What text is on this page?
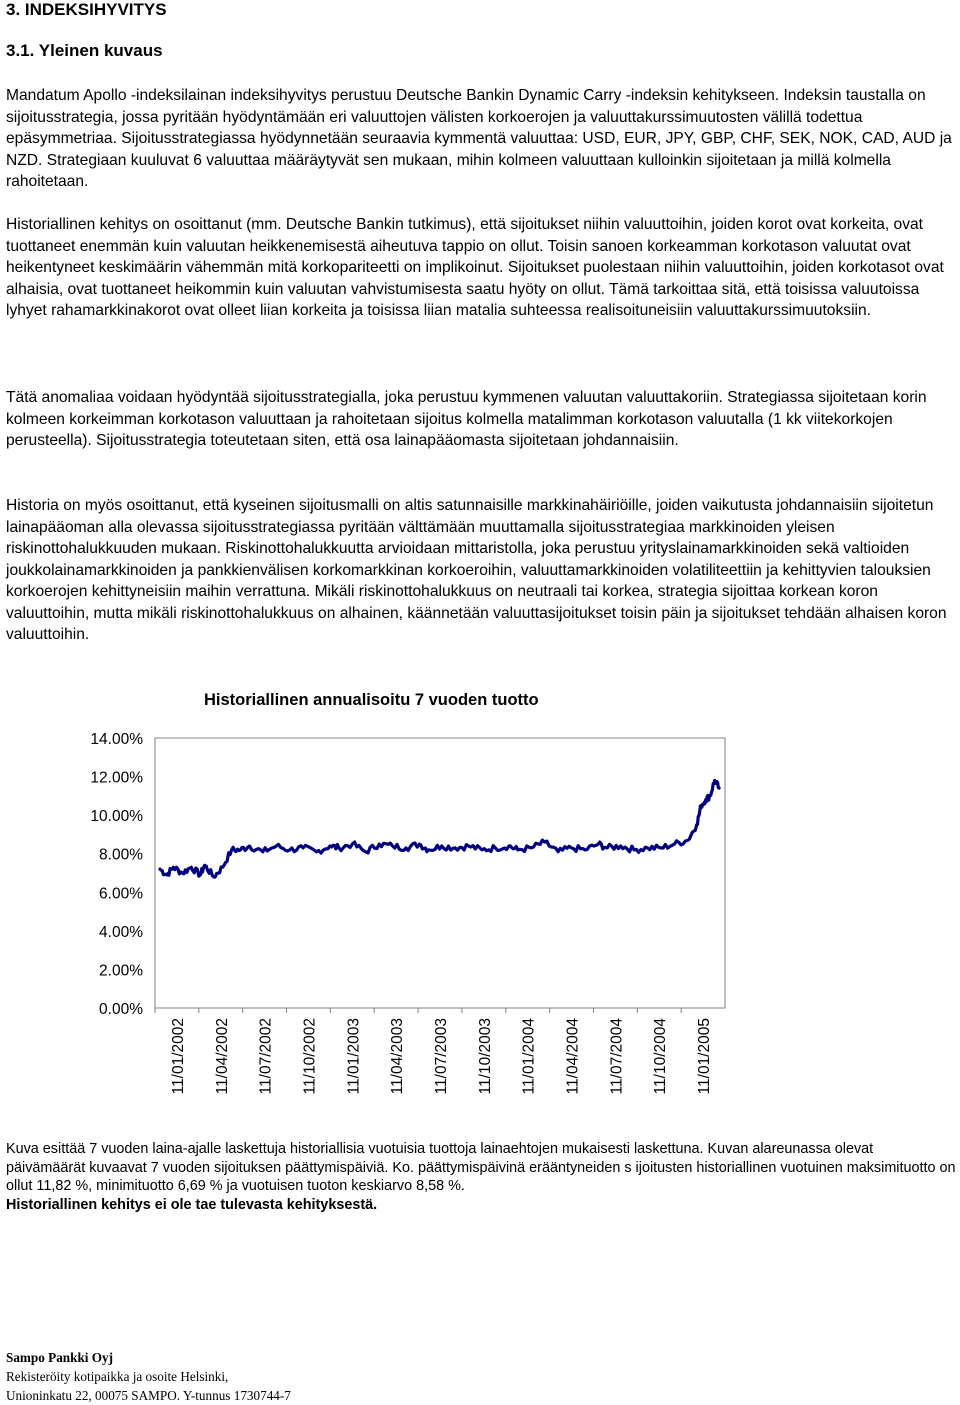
3. INDEKSIHYVITYS
3.1. Yleinen kuvaus

Mandatum Apollo -indeksilainan indeksihyvitys perustuu Deutsche Bankin Dynamic Carry -indeksin kehitykseen. Indeksin taustalla on sijoitusstrategia, jossa pyritään hyödyntämään eri valuuttojen välisten korkoerojen ja valuuttakurssimuutosten välillä todettua epäsymmetriaa. Sijoitusstrategiassa hyödynnetään seuraavia kymmentä valuuttaa: USD, EUR, JPY, GBP, CHF, SEK, NOK, CAD, AUD ja NZD. Strategiaan kuuluvat 6 valuuttaa määräytyvät sen mukaan, mihin kolmeen valuuttaan kulloinkin sijoitetaan ja millä kolmella rahoitetaan.

Historiallinen kehitys on osoittanut (mm. Deutsche Bankin tutkimus), että sijoitukset niihin valuuttoihin, joiden korot ovat korkeita, ovat tuottaneet enemmän kuin valuutan heikkenemisestä aiheutuva tappio on ollut. Toisin sanoen korkeamman korkotason valuutat ovat heikentyneet keskimäärin vähemmän mitä korkopariteetti on implikoinut. Sijoitukset puolestaan niihin valuuttoihin, joiden korkotasot ovat alhaisia, ovat tuottaneet heikommin kuin valuutan vahvistumisesta saatu hyöty on ollut. Tämä tarkoittaa sitä, että toisissa valuutoissa lyhyet rahamarkkinakorot ovat olleet liian korkeita ja toisissa liian matalia suhteessa realisoituneisiin valuuttakurssimuutoksiin.

Tätä anomaliaa voidaan hyödyntää sijoitusstrategialla, joka perustuu kymmenen valuutan valuuttakoriin. Strategiassa sijoitetaan korin kolmeen korkeimman korkotason valuuttaan ja rahoitetaan sijoitus kolmella matalimman korkotason valuutalla (1 kk viitekorkojen perusteella). Sijoitusstrategia toteutetaan siten, että osa lainapääomasta sijoitetaan johdannaisiin.

Historia on myös osoittanut, että kyseinen sijoitusmalli on altis satunnaisille markkinahäiriöille, joiden vaikutusta johdannaisiin sijoitetun lainapääoman alla olevassa sijoitusstrategiassa pyritään välttämään muuttamalla sijoitusstrategiaa markkinoiden yleisen riskinottohalukkuuden mukaan. Riskinottohalukkuutta arvioidaan mittaristolla, joka perustuu yrityslainamarkkinoiden sekä valtioiden joukkolainamarkkinoiden ja pankkienvälisen korkomarkkinan korkoeroihin, valuuttamarkkinoiden volatiliteettiin ja kehittyvien talouksien korkoerojen kehittyneisiin maihin verrattuna. Mikäli riskinottohalukkuus on neutraali tai korkea, strategia sijoittaa korkean koron valuuttoihin, mutta mikäli riskinottohalukkuus on alhainen, käännetään valuuttasijoitukset toisin päin ja sijoitukset tehdään alhaisen koron valuuttoihin.

Historiallinen annualisoitu 7 vuoden tuotto

0.00%
2.00%
4.00%
6.00%
8.00%
10.00%
12.00%
14.00%
11/01/2002 11/04/2002 11/07/2002 11/10/2002 11/01/2003 11/04/2003 11/07/2003 11/10/2003 11/01/2004 11/04/2004 11/07/2004 11/10/2004 11/01/2005

Kuva esittää 7 vuoden laina-ajalle laskettuja historiallisia vuotuisia tuottoja lainaehtojen mukaisesti laskettuna. Kuvan alareunassa olevat päivämäärät kuvaavat 7 vuoden sijoituksen päättymispäiviä. Ko. päättymispäivinä erääntyneiden s ijoitusten historiallinen vuotuinen maksimituotto on ollut 11,82 %, minimituotto 6,69 % ja vuotuisen tuoton keskiarvo 8,58 %.
Historiallinen kehitys ei ole tae tulevasta kehityksestä.

Sampo Pankki Oyj
Rekisteröity kotipaikka ja osoite Helsinki,
Unioninkatu 22, 00075 SAMPO. Y-tunnus 1730744-7
